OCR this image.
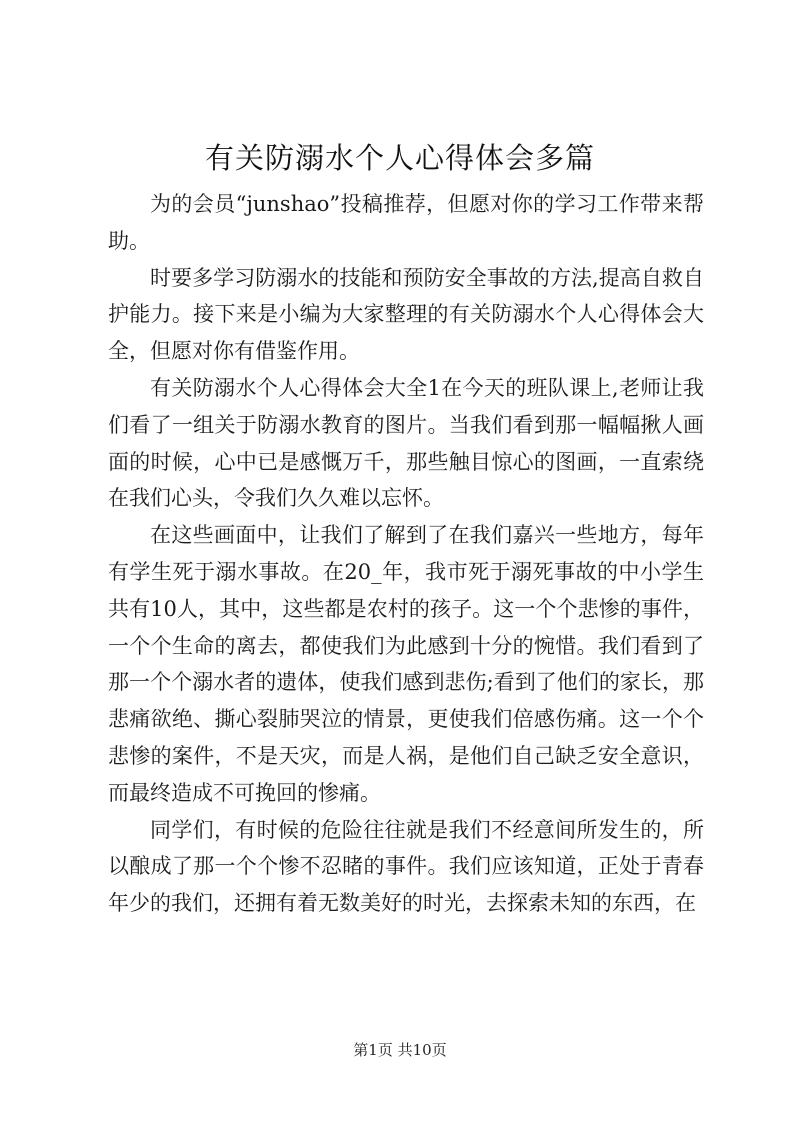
有关防溺水个人心得体会多篇

为的会员“junshao”投稿推荐，但愿对你的学习工作带来帮助。

时要多学习防溺水的技能和预防安全事故的方法,提高自救自护能力。接下来是小编为大家整理的有关防溺水个人心得体会大全，但愿对你有借鉴作用。

有关防溺水个人心得体会大全1在今天的班队课上,老师让我们看了一组关于防溺水教育的图片。当我们看到那一幅幅揪人画面的时候，心中已是感慨万千，那些触目惊心的图画，一直索绕在我们心头，令我们久久难以忘怀。

在这些画面中，让我们了解到了在我们嘉兴一些地方，每年有学生死于溺水事故。在20_年，我市死于溺死事故的中小学生共有10人，其中，这些都是农村的孩子。这一个个悲惨的事件，一个个生命的离去，都使我们为此感到十分的惋惜。我们看到了那一个个溺水者的遗体，使我们感到悲伤;看到了他们的家长，那悲痛欲绝、撕心裂肺哭泣的情景，更使我们倍感伤痛。这一个个悲惨的案件，不是天灾，而是人祸，是他们自己缺乏安全意识，而最终造成不可挽回的惨痛。

同学们，有时候的危险往往就是我们不经意间所发生的，所以酿成了那一个个惨不忍睹的事件。我们应该知道，正处于青春年少的我们，还拥有着无数美好的时光，去探索未知的东西，在

第1页 共10页
